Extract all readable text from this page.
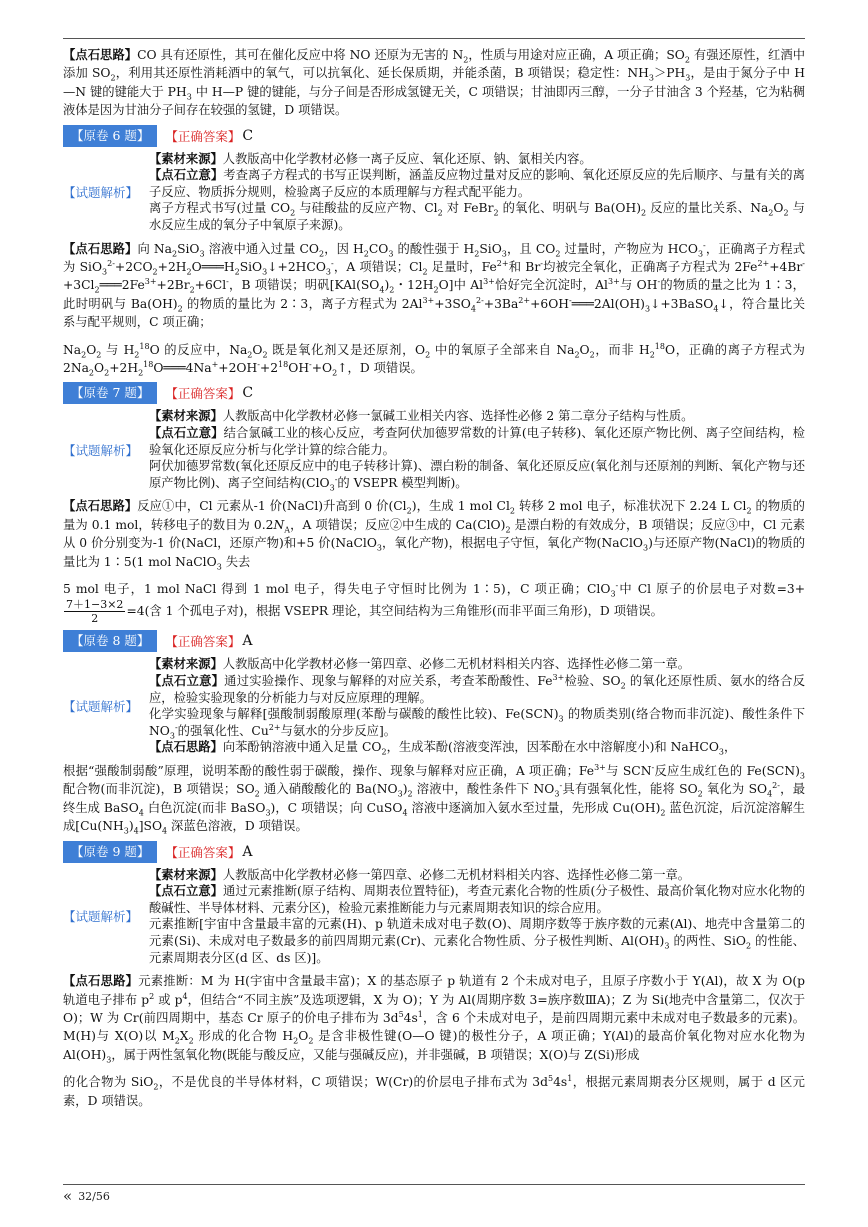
【点石思路】CO 具有还原性，其可在催化反应中将 NO 还原为无害的 $N_2$，性质与用途对应正确，A 项正确；$SO_2$ 有强还原性，红酒中添加 $SO_2$，利用其还原性消耗酒中的氧气，可以抗氧化、延长保质期，并能杀菌，B 项错误；稳定性：$NH_3>PH_3$，是由于氮分子中 H—N 键的键能大于 $PH_3$ 中 H—P 键的键能，与分子间是否形成氢键无关，C 项错误；甘油即丙三醇，一分子甘油含 3 个羟基，它为粘稠液体是因为甘油分子间存在较强的氢键，D 项错误。

【原卷 6 题】	【正确答案】 C
【试题解析】

【素材来源】人教版高中化学教材必修一离子反应、氧化还原、钠、氯相关内容。

【点石立意】考查离子方程式的书写正误判断，涵盖反应物过量对反应的影响、氧化还原反应的先后顺序、与量有关的离子反应、物质拆分规则，检验离子反应的本质理解与方程式配平能力。

离子方程式书写(过量 $CO_2$ 与硅酸盐的反应产物、$Cl_2$ 对 FeBr$_2$ 的氧化、明矾与 $Ba(OH)_2$ 反应的量比关系、$Na_2O_2$ 与水反应生成的氧分子中氧原子来源)。

【点石思路】向 $Na_2SiO_3$ 溶液中通入过量 $CO_2$，因 $H_2CO_3$ 的酸性强于 $H_2SiO_3$，且 $CO_2$ 过量时，产物应为 $HCO_3^-$，正确离子方程式为 $SiO_3^{2-}+2CO_2+2H_2O═══H_2SiO_3↓+2HCO_3^-$，A 项错误；$Cl_2$ 足量时，$Fe^{2+}$和 Br-均被完全氧化，正确离子方程式为 $2Fe^{2+}+4Br^-+3Cl_2═══2Fe^{3+}+2Br_2+6Cl^-$，B 项错误；明矾[$KAl(SO_4)_2$・$12H_2O$]中 $Al^{3+}$恰好完全沉淀时，$Al^{3+}$与 OH-的物质的量之比为 1∶3，此时明矾与 $Ba(OH)_2$ 的物质的量比为 2∶3，离子方程式为 $2Al^{3+}+3SO_4^{2-}+3Ba^{2+}+6OH^-═══2Al(OH)_3↓+3BaSO_4↓$，符合量比关系与配平规则，C 项正确；

$Na_2O_2$ 与 $H_2^{18}O$ 的反应中，$Na_2O_2$ 既是氧化剂又是还原剂，$O_2$ 中的氧原子全部来自 $Na_2O_2$，而非 $H_2^{18}O$，正确的离子方程式为 $2Na_2O_2+2H_2^{18}O═══4Na^++2OH^-+2^{18}OH^-+O_2↑$，D 项错误。

【原卷 7 题】	【正确答案】 C
【试题解析】

【素材来源】人教版高中化学教材必修一氯碱工业相关内容、选择性必修 2 第二章分子结构与性质。

【点石立意】结合氯碱工业的核心反应，考查阿伏加德罗常数的计算(电子转移)、氧化还原产物比例、离子空间结构，检验氧化还原反应分析与化学计算的综合能力。

阿伏加德罗常数(氧化还原反应中的电子转移计算)、漂白粉的制备、氧化还原反应(氧化剂与还原剂的判断、氧化产物与还原产物比例)、离子空间结构(ClO$_3$-的 VSEPR 模型判断)。

【点石思路】反应①中，Cl 元素从-1 价(NaCl)升高到 0 价$(Cl_2)$，生成 1 mol $Cl_2$ 转移 2 mol 电子，标准状况下 2.24 L $Cl_2$ 的物质的量为 0.1 mol，转移电子的数目为 $0.2N_A$，A 项错误；反应②中生成的 $Ca(ClO)_2$ 是漂白粉的有效成分，B 项错误；反应③中，Cl 元素从 0 价分别变为-1 价(NaCl，还原产物)和+5 价(NaClO$_3$，氧化产物)，根据电子守恒，氧化产物(NaClO$_3$)与还原产物(NaCl)的物质的量比为 1∶5(1 mol NaClO$_3$ 失去

5 mol 电子，1 mol NaCl 得到 1 mol 电子，得失电子守恒时比例为 1∶5)，C 项正确；ClO$_3$-中 Cl 原子的价层电子对数=3+
$\frac{7+1-3\times 2}{2} =4$(含 1 个孤电子对)，根据 VSEPR 理论，其空间结构为三角锥形(而非平面三角形)，D 项错误。

【原卷 8 题】	【正确答案】 A
【试题解析】

【素材来源】人教版高中化学教材必修一第四章、必修二无机材料相关内容、选择性必修二第一章。

【点石立意】通过实验操作、现象与解释的对应关系，考查苯酚酸性、$Fe^{3+}$检验、$SO_2$ 的氧化还原性质、氨水的络合反应，检验实验现象的分析能力与对反应原理的理解。

化学实验现象与解释[强酸制弱酸原理(苯酚与碳酸的酸性比较)、$Fe(SCN)_3$ 的物质类别(络合物而非沉淀)、酸性条件下 $NO_3^-$的强氧化性、$Cu^{2+}$与氨水的分步反应]。

【点石思路】向苯酚钠溶液中通入足量 $CO_2$，生成苯酚(溶液变浑浊，因苯酚在水中溶解度小)和 NaHCO$_3$，

根据“强酸制弱酸”原理，说明苯酚的酸性弱于碳酸，操作、现象与解释对应正确，A 项正确；$Fe^{3+}$与 SCN-反应生成红色的 $Fe(SCN)_3$ 配合物(而非沉淀)，B 项错误；$SO_2$ 通入硝酸酸化的 $Ba(NO_3)_2$ 溶液中，酸性条件下 $NO_3^-$具有强氧化性，能将 $SO_2$ 氧化为 $SO_4^{2-}$，最终生成 BaSO$_4$ 白色沉淀(而非 BaSO$_3$)，C 项错误；向 CuSO$_4$ 溶液中逐滴加入氨水至过量，先形成 $Cu(OH)_2$ 蓝色沉淀，后沉淀溶解生成$[Cu(NH_3)_4]SO_4$ 深蓝色溶液，D 项错误。

【原卷 9 题】	【正确答案】 A
【试题解析】

【素材来源】人教版高中化学教材必修一第四章、必修二无机材料相关内容、选择性必修二第一章。

【点石立意】通过元素推断(原子结构、周期表位置特征)，考查元素化合物的性质(分子极性、最高价氧化物对应水化物的酸碱性、半导体材料、元素分区)，检验元素推断能力与元素周期表知识的综合应用。

元素推断[宇宙中含量最丰富的元素(H)、p 轨道未成对电子数(O)、周期序数等于族序数的元素(Al)、地壳中含量第二的元素(Si)、未成对电子数最多的前四周期元素(Cr)、元素化合物性质、分子极性判断、$Al(OH)_3$ 的两性、SiO$_2$ 的性能、元素周期表分区(d 区、ds 区)]。

【点石思路】元素推断：M 为 H(宇宙中含量最丰富)；X 的基态原子 p 轨道有 2 个未成对电子，且原子序数小于 Y(Al)，故 X 为 O(p 轨道电子排布 $p^2$ 或 $p^4$，但结合“不同主族”及选项逻辑，X 为 O)；Y 为 Al(周期序数 3=族序数ⅢA)；Z 为 Si(地壳中含量第二，仅次于 O)；W 为 Cr(前四周期中，基态 Cr 原子的价电子排布为 $3d^54s^1$，含 6 个未成对电子，是前四周期元素中未成对电子数最多的元素)。M(H)与 X(O)以 $M_2X_2$ 形成的化合物 $H_2O_2$ 是含非极性键(O—O 键)的极性分子，A 项正确；Y(Al)的最高价氧化物对应水化物为 $Al(OH)_3$，属于两性氢氧化物(既能与酸反应，又能与强碱反应)，并非强碱，B 项错误；X(O)与 Z(Si)形成

的化合物为 SiO$_2$，不是优良的半导体材料，C 项错误；W(Cr)的价层电子排布式为 $3d^54s^1$，根据元素周期表分区规则，属于 d 区元素，D 项错误。

« 32/56
